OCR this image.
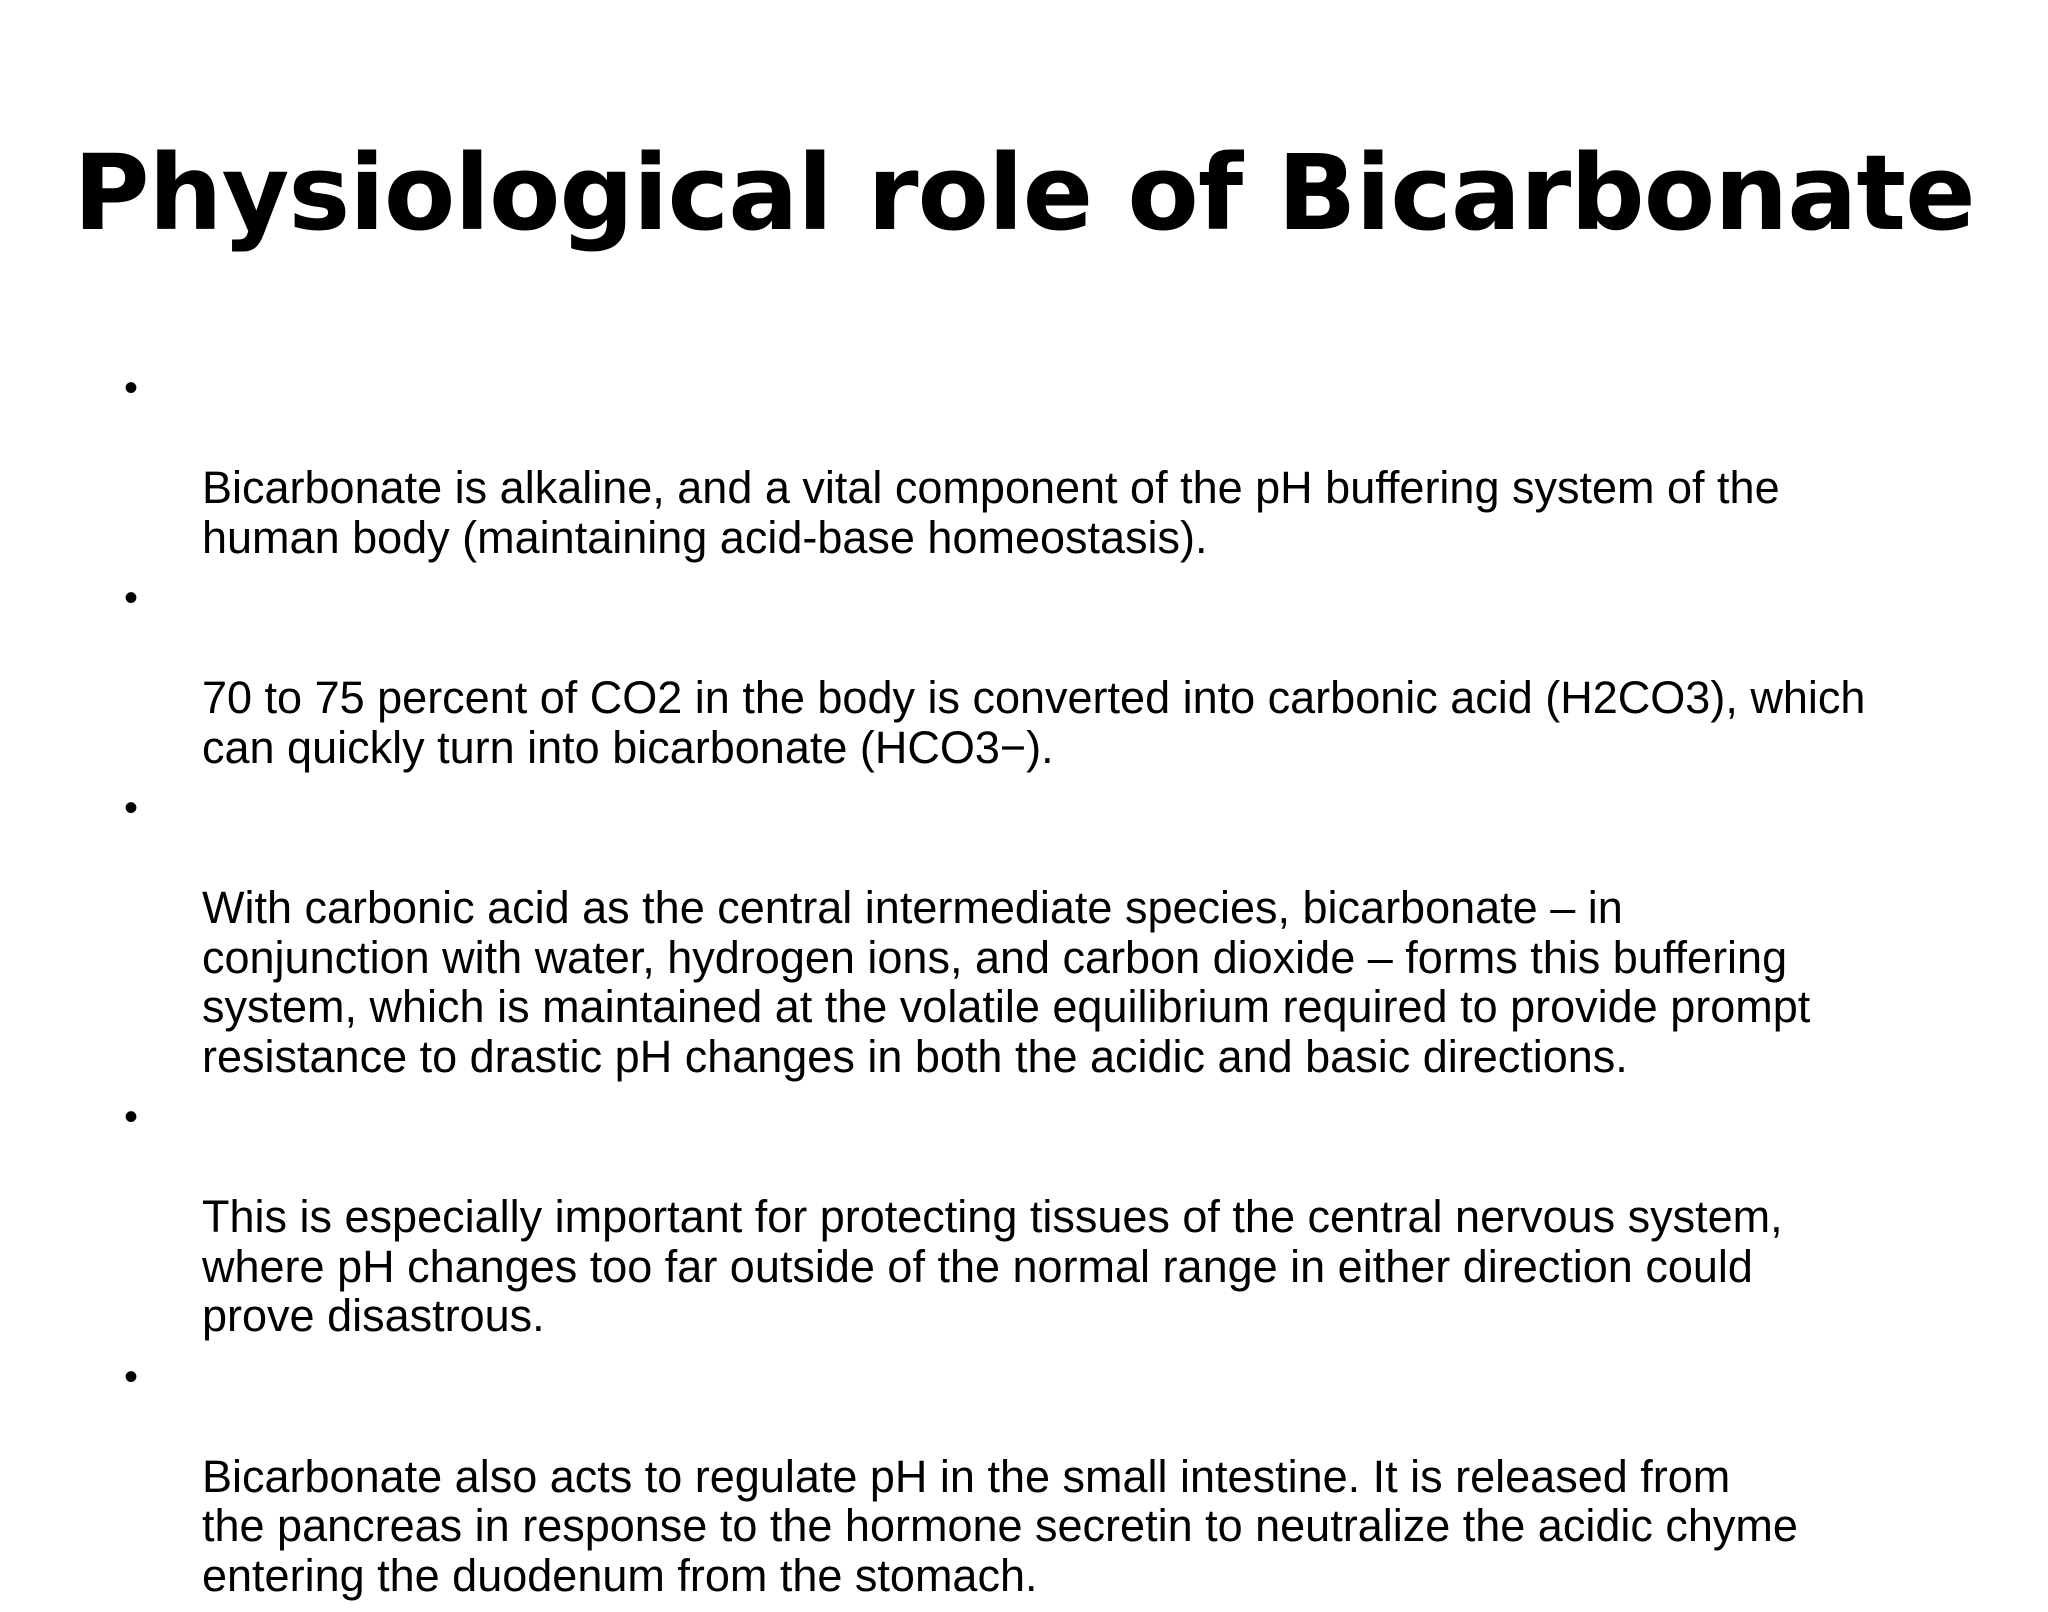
Physiological role of Bicarbonate

•

Bicarbonate is alkaline, and a vital component of the pH buffering system of the
human body (maintaining acid-base homeostasis).

•

70 to 75 percent of CO2 in the body is converted into carbonic acid (H2CO3), which
can quickly turn into bicarbonate (HCO3−).

•

With carbonic acid as the central intermediate species, bicarbonate – in
conjunction with water, hydrogen ions, and carbon dioxide – forms this buffering
system, which is maintained at the volatile equilibrium required to provide prompt
resistance to drastic pH changes in both the acidic and basic directions.

•

This is especially important for protecting tissues of the central nervous system,
where pH changes too far outside of the normal range in either direction could
prove disastrous.

•

Bicarbonate also acts to regulate pH in the small intestine. It is released from
the pancreas in response to the hormone secretin to neutralize the acidic chyme
entering the duodenum from the stomach.
